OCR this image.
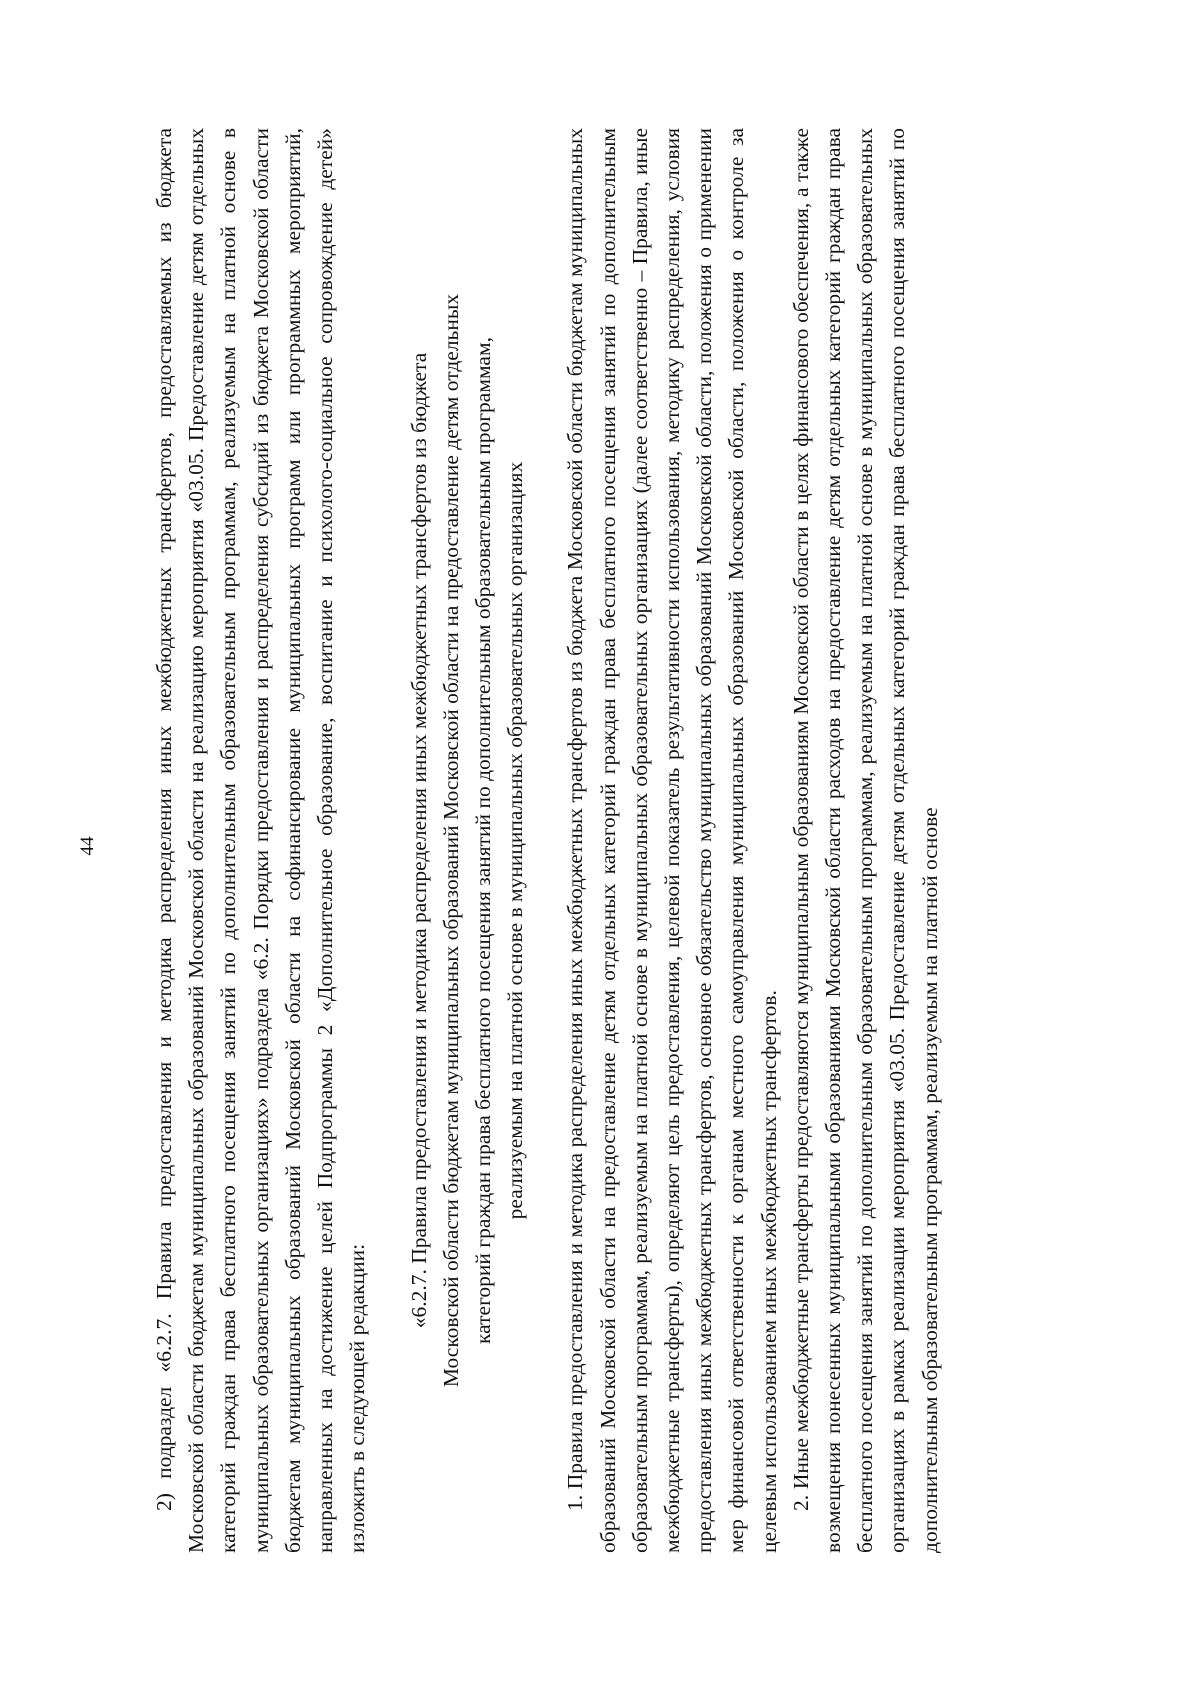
44	2) подраздел «6.2.7. Правила предоставления и методика распределения иных межбюджетных трансфертов, предоставляемых из бюджета Московской области бюджетам муниципальных образований Московской области на реализацию мероприятия «03.05. Предоставление детям отдельных категорий граждан права бесплатного посещения занятий по дополнительным образовательным программам, реализуемым на платной основе в муниципальных образовательных организациях» подраздела «6.2. Порядки предоставления и распределения субсидий из бюджета Московской области бюджетам муниципальных образований Московской области на софинансирование муниципальных программ или программных мероприятий, направленных на достижение целей Подпрограммы 2 «Дополнительное образование, воспитание и психолого-социальное сопровождение детей» изложить в следующей редакции:

«6.2.7. Правила предоставления и методика распределения иных межбюджетных трансфертов из бюджета Московской области бюджетам муниципальных образований Московской области на предоставление детям отдельных категорий граждан права бесплатного посещения занятий по дополнительным образовательным программам, реализуемым на платной основе в муниципальных образовательных организациях 1. Правила предоставления и методика распределения иных межбюджетных трансфертов из бюджета Московской области бюджетам муниципальных образований Московской области на предоставление детям отдельных категорий граждан права бесплатного посещения занятий по дополнительным образовательным программам, реализуемым на платной основе в муниципальных образовательных организациях (далее соответственно – Правила, иные межбюджетные трансферты), определяют цель предоставления, целевой показатель результативности использования, методику распределения, условия предоставления иных межбюджетных трансфертов, основное обязательство муниципальных образований Московской области, положения о применении мер финансовой ответственности к органам местного самоуправления муниципальных образований Московской области, положения о контроле за целевым использованием иных межбюджетных трансфертов. 2. Иные межбюджетные трансферты предоставляются муниципальным образованиям Московской области в целях финансового обеспечения, а также возмещения понесенных муниципальными образованиями Московской области расходов на предоставление детям отдельных категорий граждан права бесплатного посещения занятий по дополнительным образовательным программам, реализуемым на платной основе в муниципальных образовательных организациях в рамках реализации мероприятия «03.05. Предоставление детям отдельных категорий граждан права бесплатного посещения занятий по дополнительным образовательным программам, реализуемым на платной основе
